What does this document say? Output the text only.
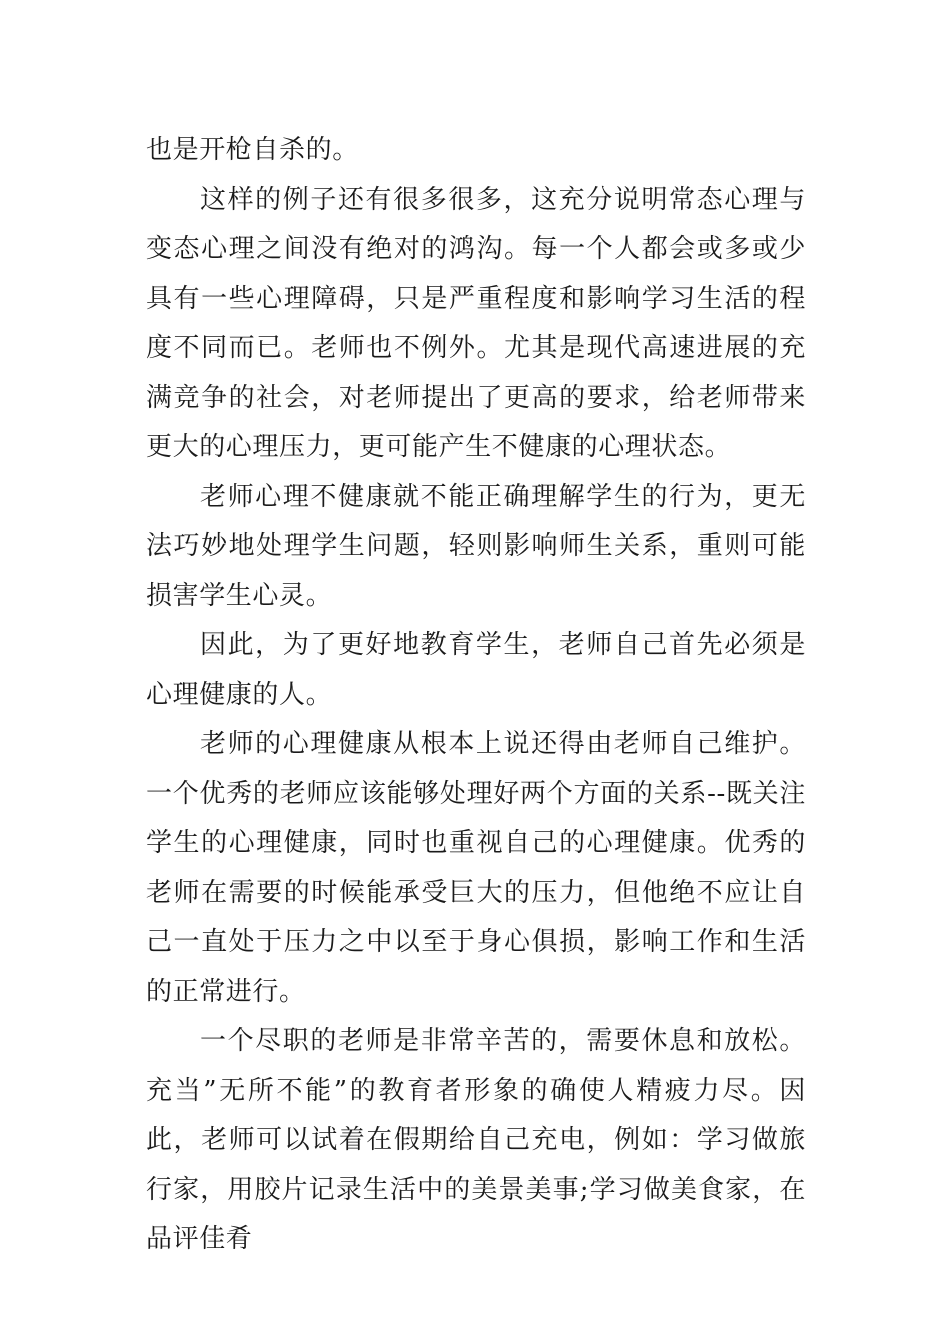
也是开枪自杀的。

这样的例子还有很多很多，这充分说明常态心理与变态心理之间没有绝对的鸿沟。每一个人都会或多或少具有一些心理障碍，只是严重程度和影响学习生活的程度不同而已。老师也不例外。尤其是现代高速进展的充满竞争的社会，对老师提出了更高的要求，给老师带来更大的心理压力，更可能产生不健康的心理状态。

老师心理不健康就不能正确理解学生的行为，更无法巧妙地处理学生问题，轻则影响师生关系，重则可能损害学生心灵。

因此，为了更好地教育学生，老师自己首先必须是心理健康的人。

老师的心理健康从根本上说还得由老师自己维护。一个优秀的老师应该能够处理好两个方面的关系--既关注学生的心理健康，同时也重视自己的心理健康。优秀的老师在需要的时候能承受巨大的压力，但他绝不应让自己一直处于压力之中以至于身心俱损，影响工作和生活的正常进行。

一个尽职的老师是非常辛苦的，需要休息和放松。充当”无所不能”的教育者形象的确使人精疲力尽。因此，老师可以试着在假期给自己充电，例如：学习做旅行家，用胶片记录生活中的美景美事;学习做美食家，在品评佳肴
